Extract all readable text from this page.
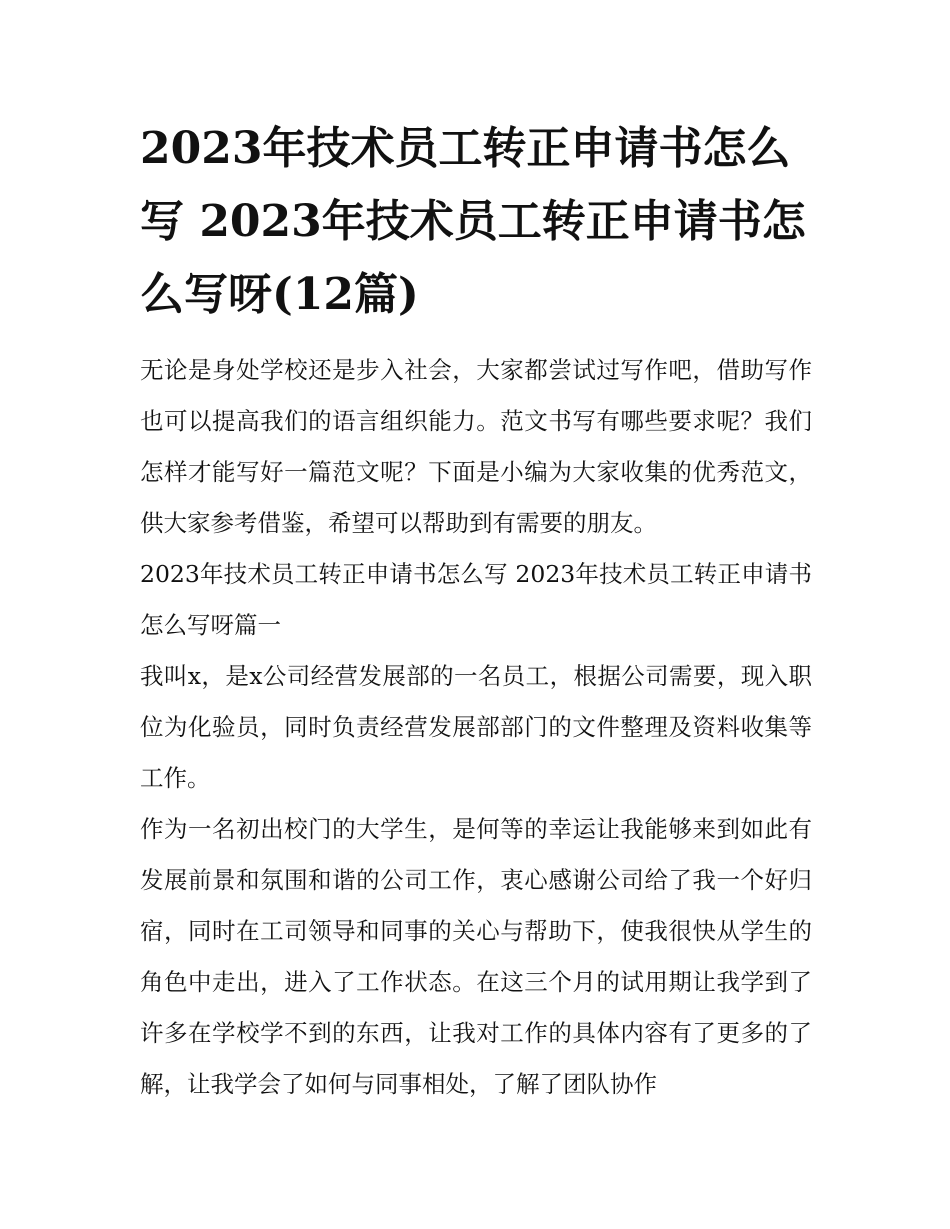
2023年技术员工转正申请书怎么写 2023年技术员工转正申请书怎么写呀(12篇)

无论是身处学校还是步入社会，大家都尝试过写作吧，借助写作也可以提高我们的语言组织能力。范文书写有哪些要求呢？我们怎样才能写好一篇范文呢？下面是小编为大家收集的优秀范文，供大家参考借鉴，希望可以帮助到有需要的朋友。

2023年技术员工转正申请书怎么写 2023年技术员工转正申请书怎么写呀篇一

我叫x，是x公司经营发展部的一名员工，根据公司需要，现入职位为化验员，同时负责经营发展部部门的文件整理及资料收集等工作。

作为一名初出校门的大学生，是何等的幸运让我能够来到如此有发展前景和氛围和谐的公司工作，衷心感谢公司给了我一个好归宿，同时在工司领导和同事的关心与帮助下，使我很快从学生的角色中走出，进入了工作状态。在这三个月的试用期让我学到了许多在学校学不到的东西，让我对工作的具体内容有了更多的了解，让我学会了如何与同事相处，了解了团队协作
